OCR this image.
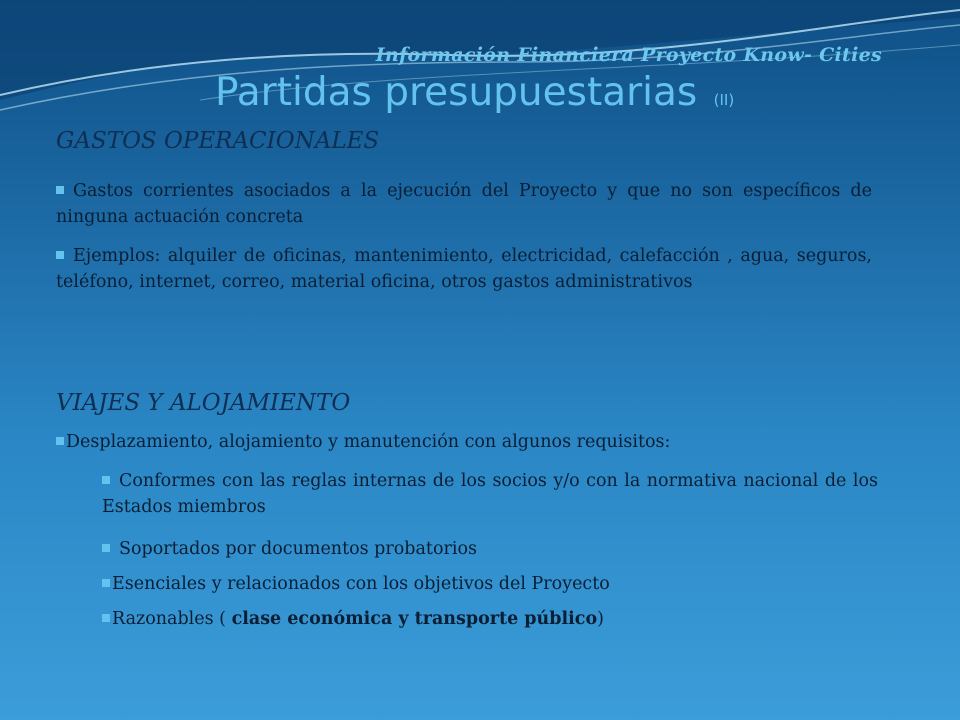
Información Financiera Proyecto Know- Cities
Partidas presupuestarias (II)
GASTOS OPERACIONALES
Gastos corrientes asociados a la ejecución del Proyecto y que no son específicos de ninguna actuación concreta
Ejemplos: alquiler de oficinas, mantenimiento, electricidad, calefacción , agua, seguros, teléfono, internet, correo, material oficina, otros gastos administrativos
VIAJES Y ALOJAMIENTO
Desplazamiento, alojamiento y manutención con algunos requisitos:
Conformes con las reglas internas de los socios y/o con la normativa nacional de los Estados miembros
Soportados por documentos probatorios
Esenciales y relacionados con los objetivos del Proyecto
Razonables ( clase económica y transporte público)
